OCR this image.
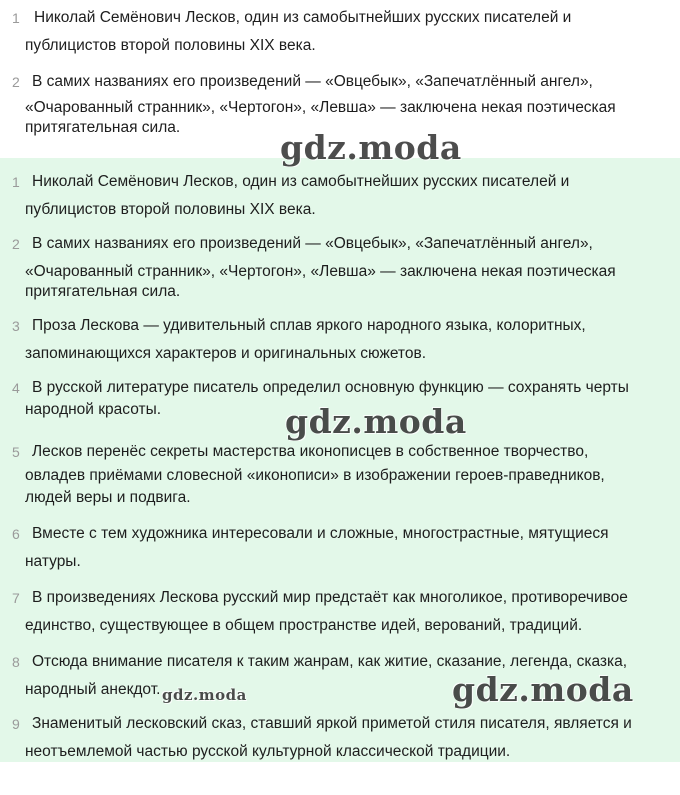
1 Николай Семёнович Лесков, один из самобытнейших русских писателей и
публицистов второй половины XIX века.
2 В самих названиях его произведений — «Овцебык», «Запечатлённый ангел»,
«Очарованный странник», «Чертогон», «Левша» — заключена некая поэтическая
притягательная сила.
1 Николай Семёнович Лесков, один из самобытнейших русских писателей и
публицистов второй половины XIX века.
2 В самих названиях его произведений — «Овцебык», «Запечатлённый ангел»,
«Очарованный странник», «Чертогон», «Левша» — заключена некая поэтическая
притягательная сила.
3 Проза Лескова — удивительный сплав яркого народного языка, колоритных,
запоминающихся характеров и оригинальных сюжетов.
4 В русской литературе писатель определил основную функцию — сохранять черты
народной красоты.
5 Лесков перенёс секреты мастерства иконописцев в собственное творчество,
овладев приёмами словесной «иконописи» в изображении героев-праведников,
людей веры и подвига.
6 Вместе с тем художника интересовали и сложные, многострастные, мятущиеся
натуры.
7 В произведениях Лескова русский мир предстаёт как многоликое, противоречивое
единство, существующее в общем пространстве идей, верований, традиций.
8 Отсюда внимание писателя к таким жанрам, как житие, сказание, легенда, сказка,
народный анекдот.
9 Знаменитый лесковский сказ, ставший яркой приметой стиля писателя, является и
неотъемлемой частью русской культурной классической традиции.
gdz.moda
gdz.moda
gdz.moda	gdz.moda
